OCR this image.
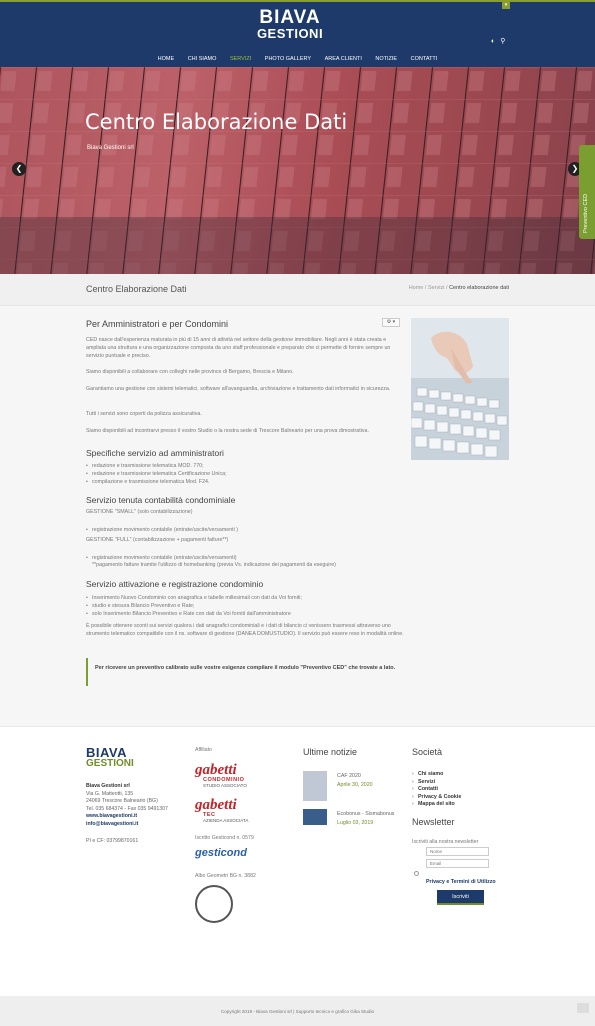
▾
BIAVA
GESTIONI
◐ ⚲
HOME CHI SIAMO SERVIZI PHOTO GALLERY AREA CLIENTI NOTIZIE CONTATTI
Centro Elaborazione Dati
Biava Gestioni srl
❮	❯
Preventivo CED
Centro Elaborazione Dati	Home / Servizi / Centro elaborazione dati
Per Amministratori e per Condomini	⚙ ▾
CED nasce dall'esperienza maturata in più di 15 anni di attività nel settore della gestione immobiliare. Negli anni è stata creata e ampliata una struttura e una organizzazione composta da uno staff professionale e preparato che ci permette di fornire sempre un servizio puntuale e preciso.
Siamo disponibili a collaborare con colleghi nelle province di Bergamo, Brescia e Milano.
Garantiamo una gestione con sistemi telematici, software all'avanguardia, archiviazione e trattamento dati informatici in sicurezza.
Tutti i servizi sono coperti da polizza assicurativa.
Siamo disponibili ad incontrarvi presso il vostro Studio o la nostra sede di Trescore Balneario per una prova dimostrativa.
Specifiche servizio ad amministratori
• redazione e trasmissione telematica MOD. 770;
• redazione e trasmissione telematica Certificazione Unica;
• compilazione e trasmissione telematica Mod. F24.
Servizio tenuta contabilità condominiale
GESTIONE "SMALL" (solo contabilizzazione)
• registrazione movimento contabile (entrate/uscite/versamenti )
GESTIONE "FULL" (contabilizzazione + pagamenti fatture**)
• registrazione movimento contabile (entrate/uscite/versamenti)
**pagamento fatture tramite l'utilizzo di homebanking (previa Vs. indicazione dei pagamenti da eseguire)
Servizio attivazione e registrazione condominio
• Inserimento Nuovo Condominio con anagrafica e tabelle millesimali con dati da Voi forniti;
• studio e stesura Bilancio Preventivo e Rate;
• solo Inserimento Bilancio Preventivo e Rate con dati da Voi forniti dall'amministratore
È possibile ottenere sconti sui servizi qualora i dati anagrafici condominiali e i dati di bilancio ci venissero trasmessi attraverso uno strumento telematico compatibile con il ns. software di gestione (DANEA DOMUSTUDIO). Il servizio può essere reso in modalità online.
Per ricevere un preventivo calibrato sulle vostre esigenze compilare il modulo "Preventivo CED" che trovate a lato.
BIAVA
GESTIONI
Biava Gestioni srl
Via G. Matteotti, 135
24069 Trescore Balneario (BG)
Tel. 035 684374 - Fax 035 9491307
www.biavagestioni.it
info@biavagestioni.it
PI e CF: 03799870161
Affiliato
gabetti
CONDOMINIO
STUDIO ASSOCIATO
gabetti
TEC
AZIENDA ASSOCIATA
Iscritto Gesticond n. 0579
gesticond
Albo Geometri BG n. 3882
Ultime notizie
CAF 2020
Aprile 30, 2020
Ecobonus - Sismabonus
Luglio 03, 2019
Società
› Chi siamo
› Servizi
› Contatti
› Privacy & Cookie
› Mappa del sito
Newsletter
Iscriviti alla nostra newsletter
Nome
Email
Privacy e Termini di Utilizzo
Iscriviti
Copyright 2019 - Biava Gestioni srl | Supporto tecnico e grafico Gika Studio
